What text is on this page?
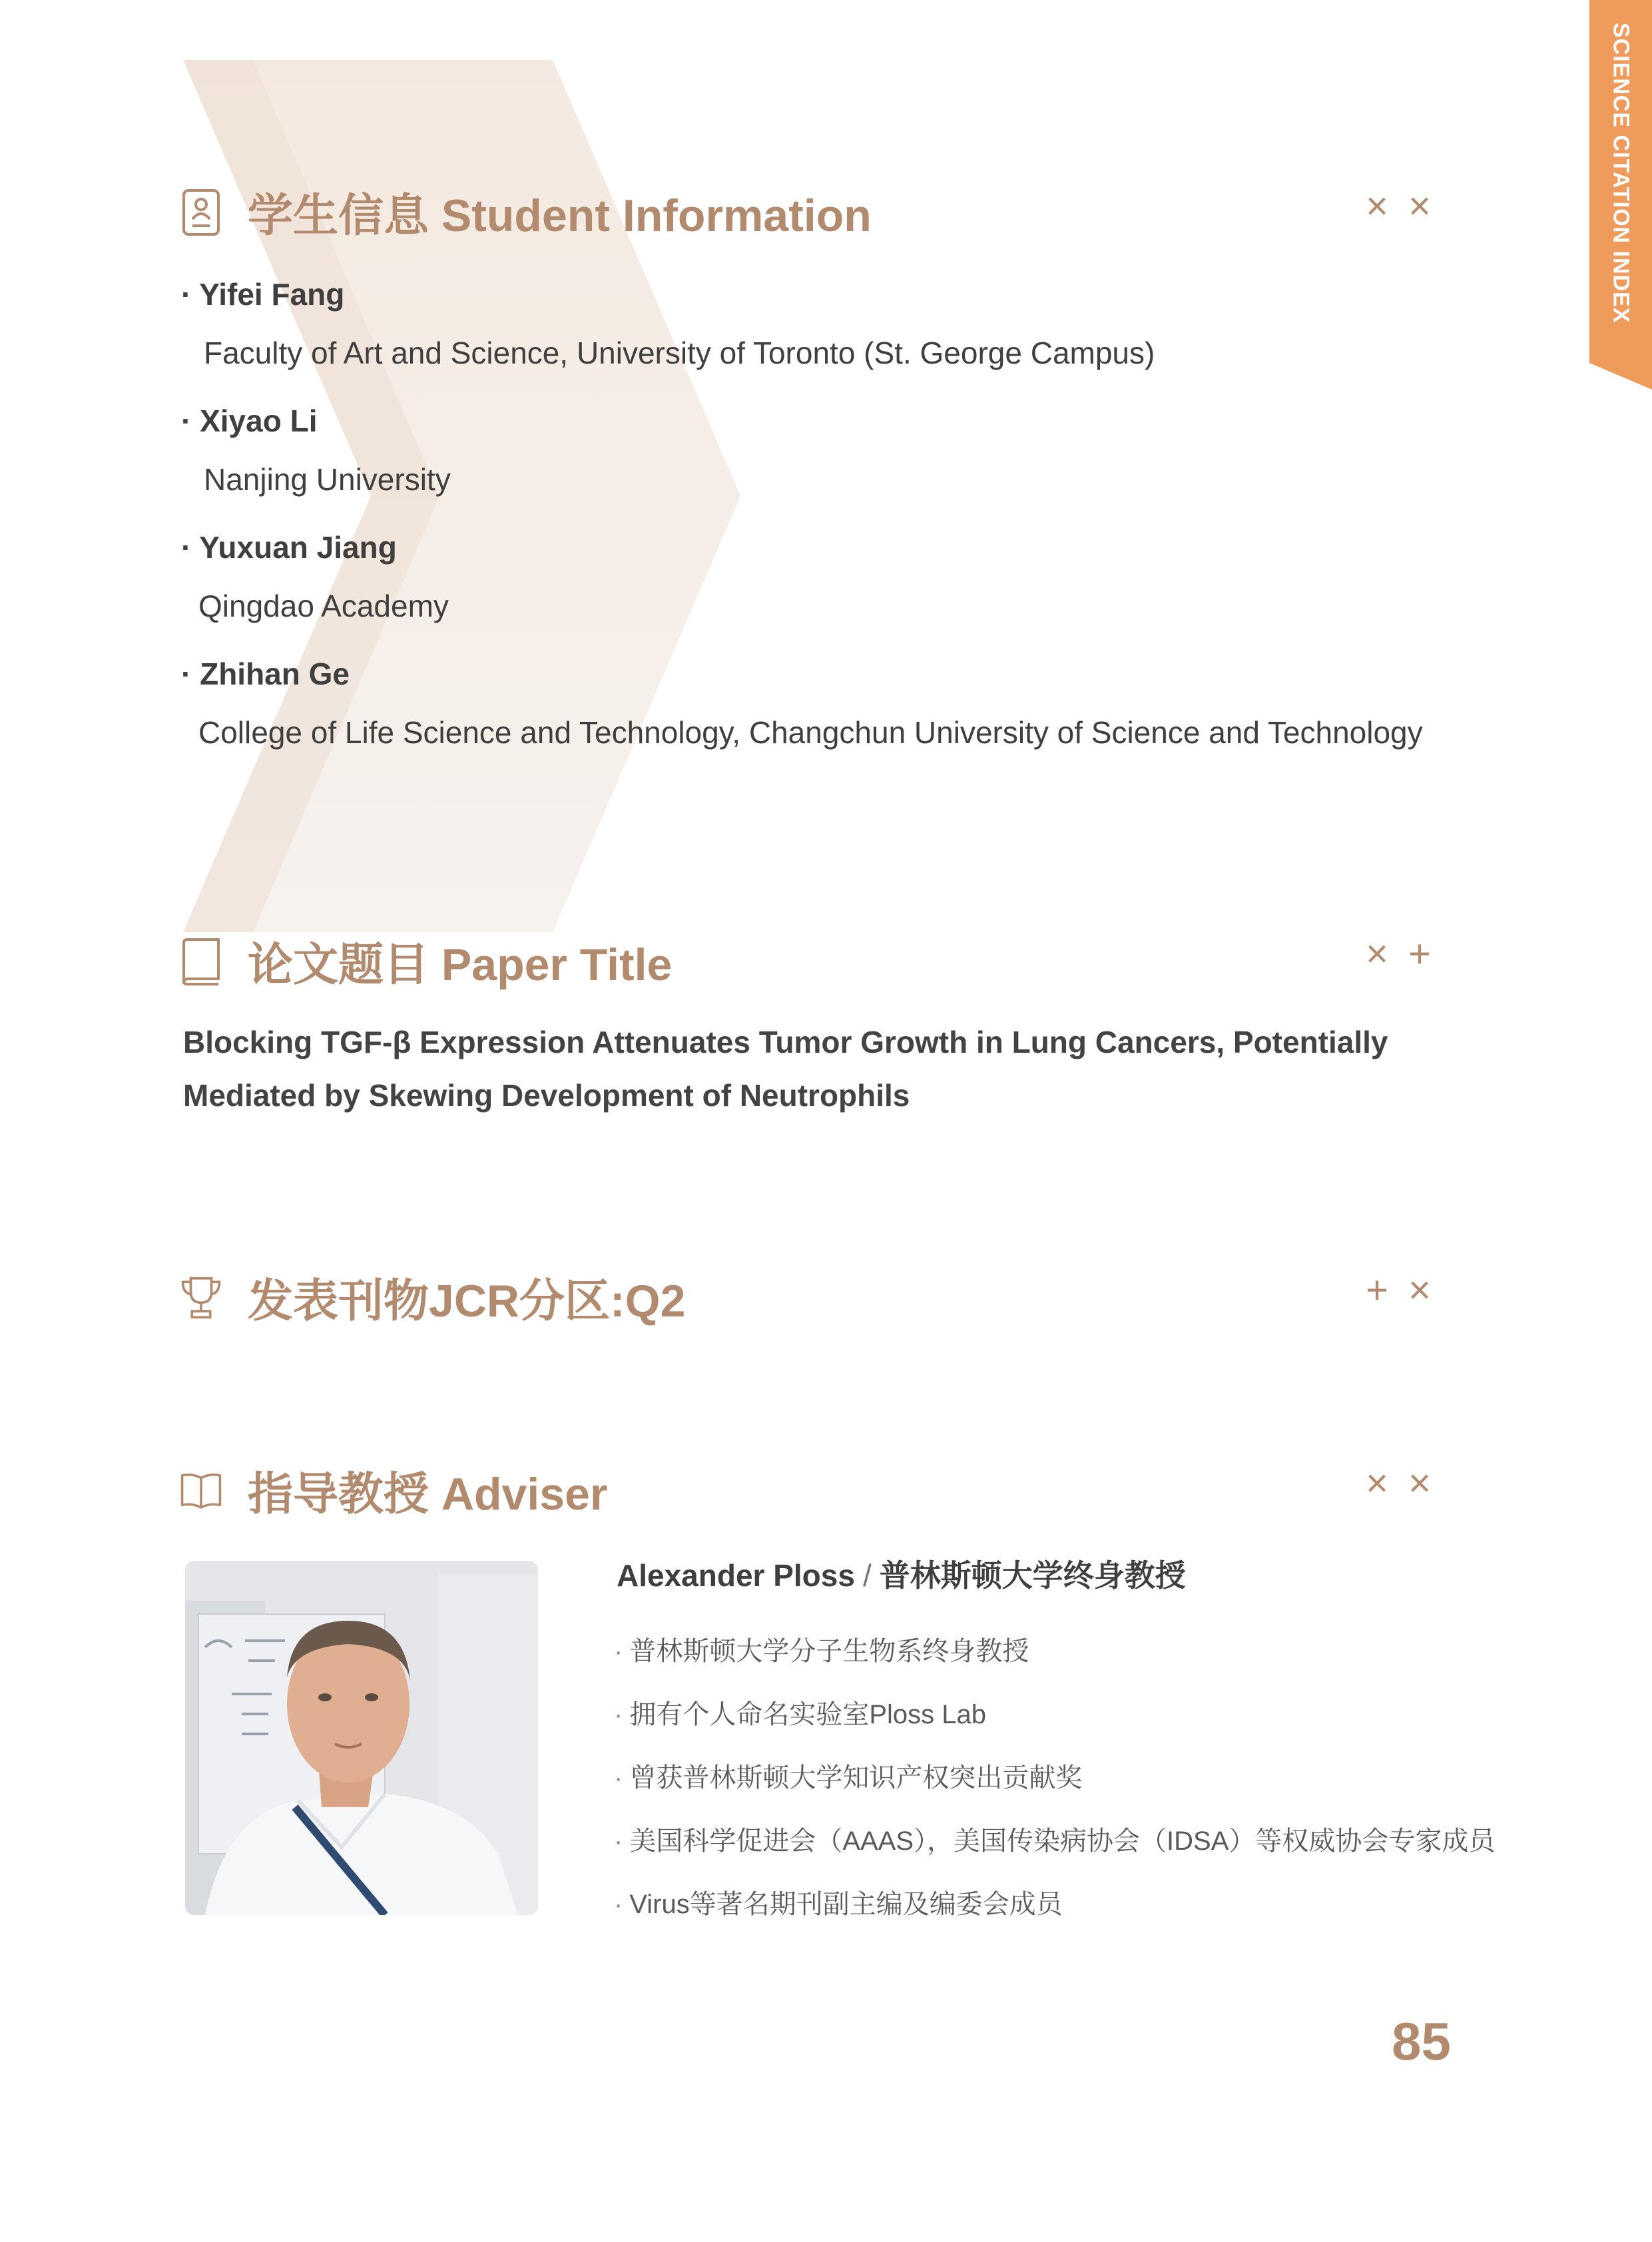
SCIENCE CITATION INDEX
学生信息 Student Information	× ×
· Yifei Fang
Faculty of Art and Science, University of Toronto (St. George Campus)
· Xiyao Li
Nanjing University
· Yuxuan Jiang
Qingdao Academy
· Zhihan Ge
College of Life Science and Technology, Changchun University of Science and Technology
论文题目 Paper Title	× +
Blocking TGF-β Expression Attenuates Tumor Growth in Lung Cancers, Potentially Mediated by Skewing Development of Neutrophils
发表刊物JCR分区:Q2	+ ×
指导教授 Adviser	× ×
Alexander Ploss / 普林斯顿大学终身教授
· 普林斯顿大学分子生物系终身教授
· 拥有个人命名实验室Ploss Lab
· 曾获普林斯顿大学知识产权突出贡献奖
· 美国科学促进会（AAAS），美国传染病协会（IDSA）等权威协会专家成员
· Virus等著名期刊副主编及编委会成员
85
